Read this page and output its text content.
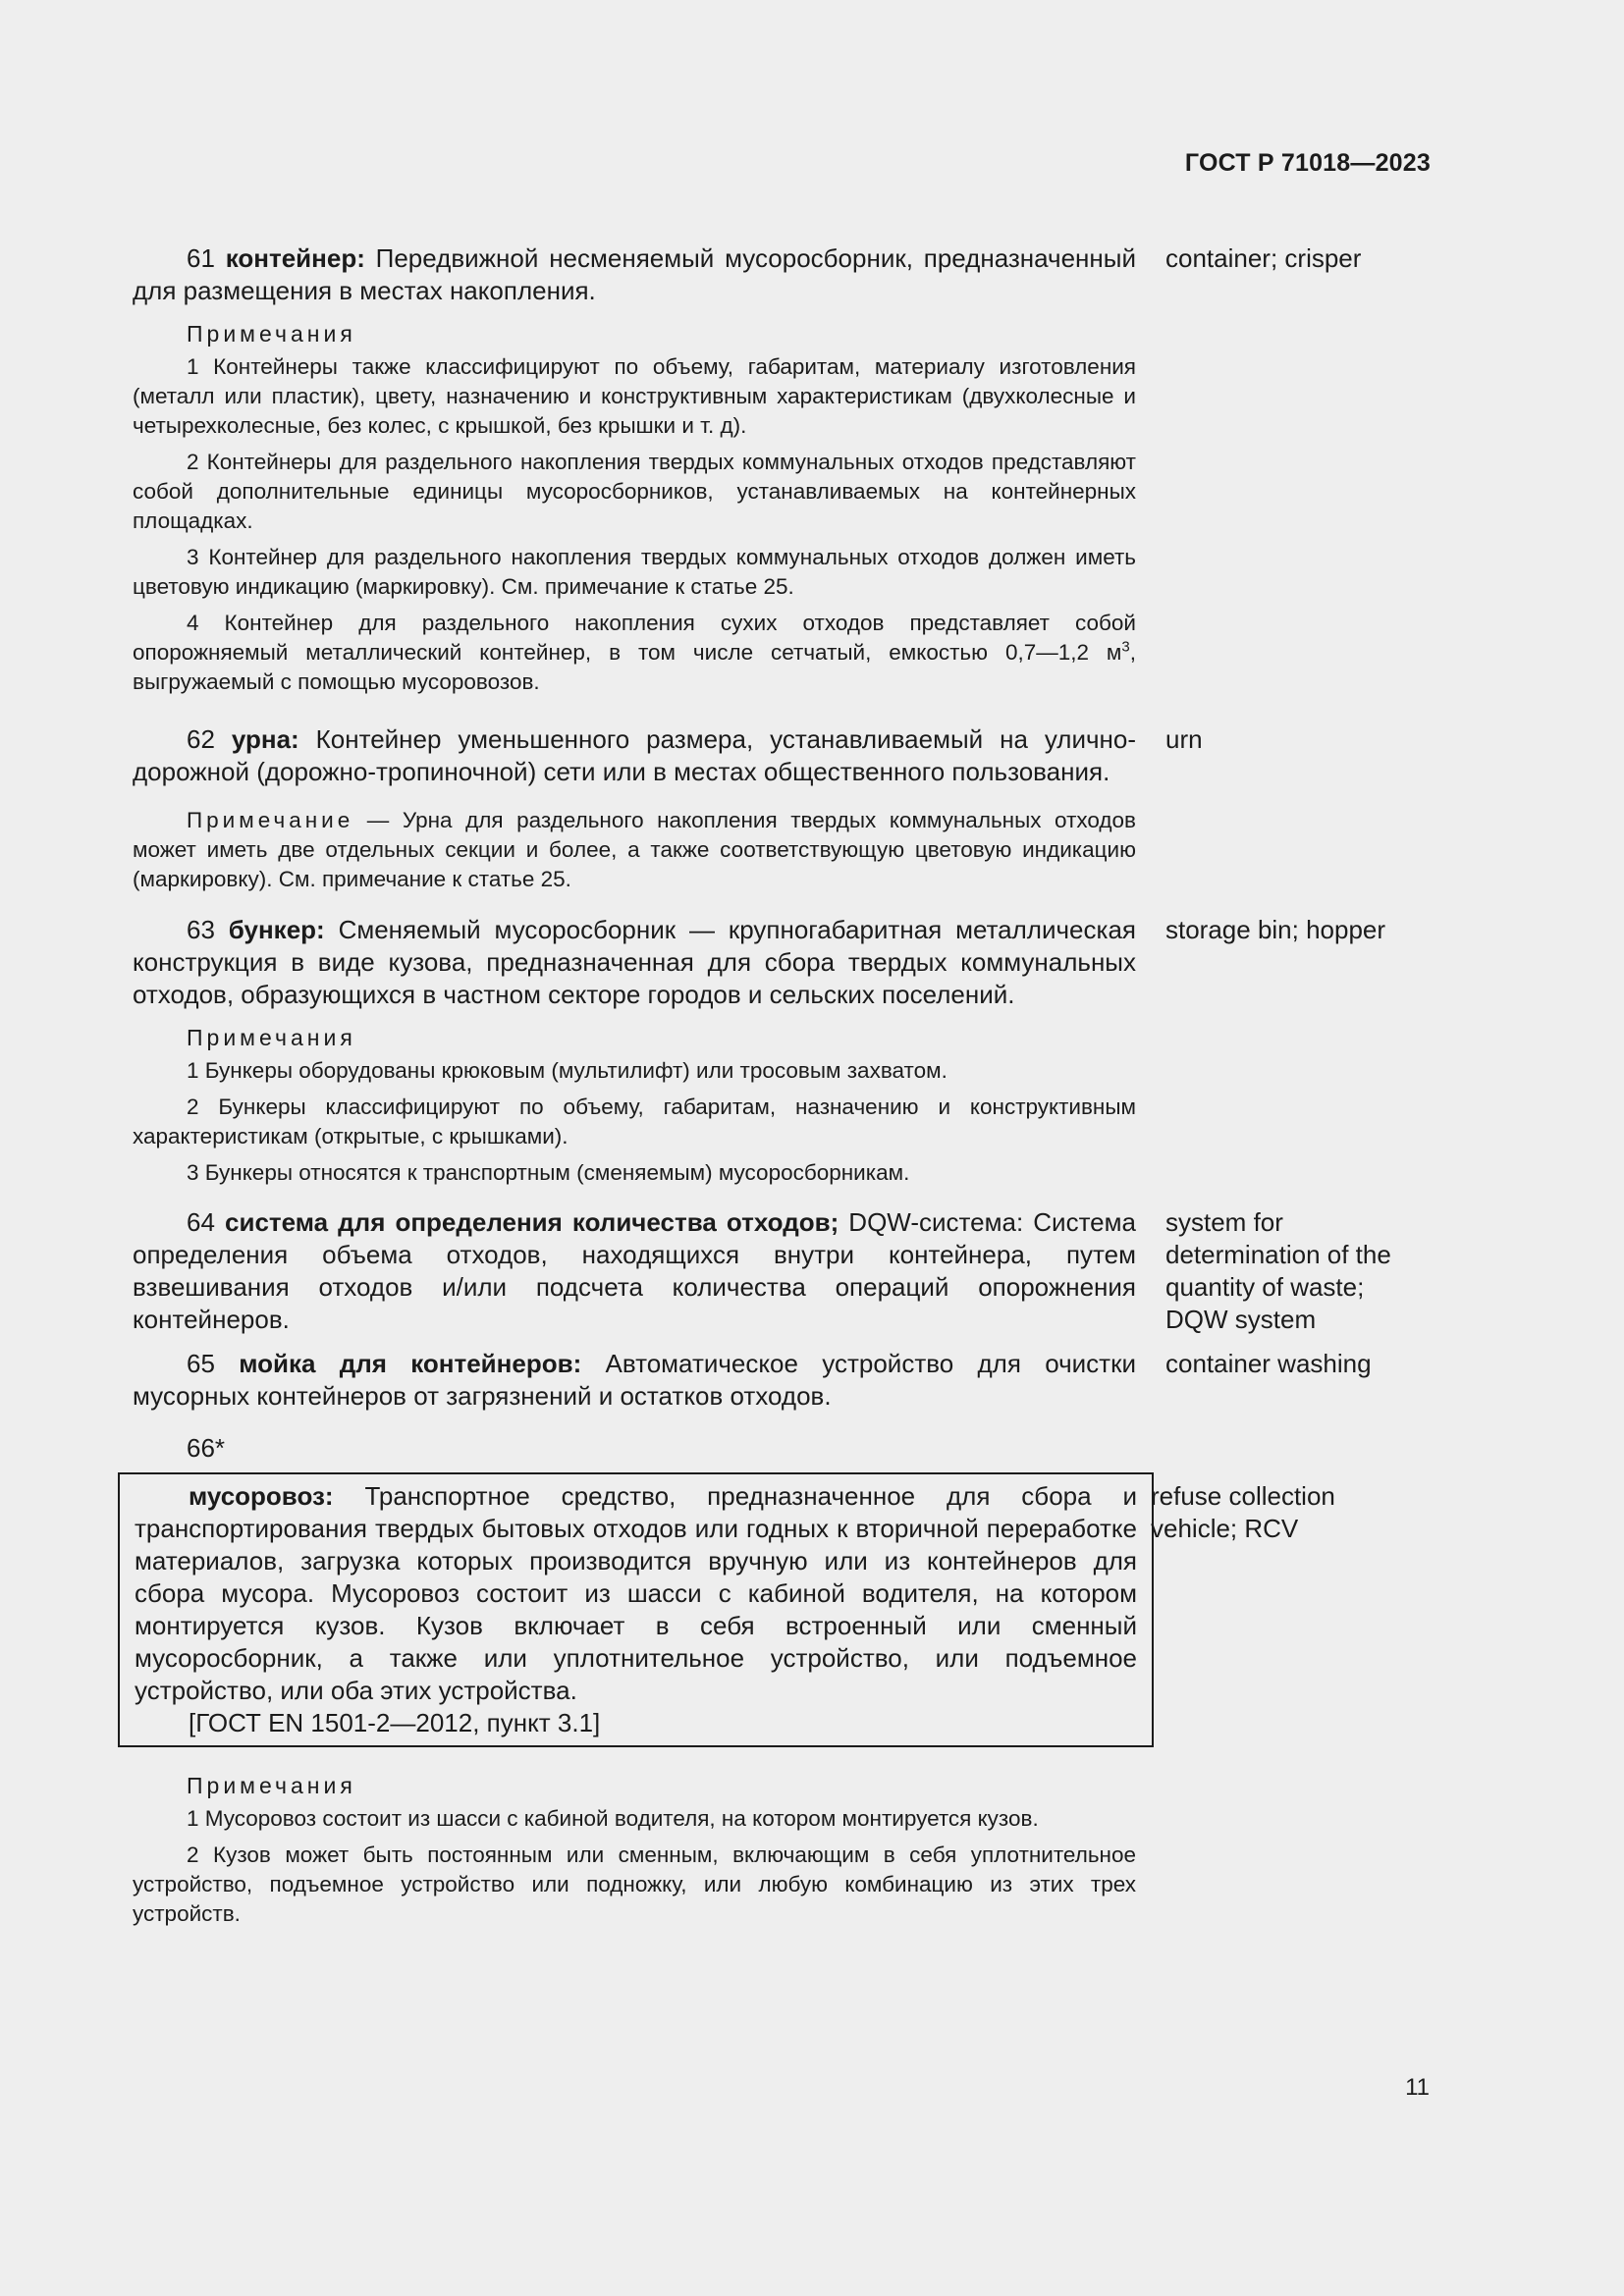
ГОСТ Р 71018—2023

61 контейнер: Передвижной несменяемый мусоросборник, предназначенный для размещения в местах накопления.

Примечания

1 Контейнеры также классифицируют по объему, габаритам, материалу изготовления (металл или пластик), цвету, назначению и конструктивным характеристикам (двухколесные и четырехколесные, без колес, с крышкой, без крышки и т. д).

2 Контейнеры для раздельного накопления твердых коммунальных отходов представляют собой дополнительные единицы мусоросборников, устанавливаемых на контейнерных площадках.

3 Контейнер для раздельного накопления твердых коммунальных отходов должен иметь цветовую индикацию (маркировку). См. примечание к статье 25.

4 Контейнер для раздельного накопления сухих отходов представляет собой опорожняемый металлический контейнер, в том числе сетчатый, емкостью 0,7—1,2 $м^3$, выгружаемый с помощью мусоровозов.

container; crisper

62 урна: Контейнер уменьшенного размера, устанавливаемый на улично-дорожной (дорожно-тропиночной) сети или в местах общественного пользования.

Примечание — Урна для раздельного накопления твердых коммунальных отходов может иметь две отдельных секции и более, а также соответствующую цветовую индикацию (маркировку). См. примечание к статье 25.

urn

63 бункер: Сменяемый мусоросборник — крупногабаритная металлическая конструкция в виде кузова, предназначенная для сбора твердых коммунальных отходов, образующихся в частном секторе городов и сельских поселений.

Примечания

1 Бункеры оборудованы крюковым (мультилифт) или тросовым захватом.

2 Бункеры классифицируют по объему, габаритам, назначению и конструктивным характеристикам (открытые, с крышками).

3 Бункеры относятся к транспортным (сменяемым) мусоросборникам.

storage bin; hopper

64 система для определения количества отходов; DQW-система: Система определения объема отходов, находящихся внутри контейнера, путем взвешивания отходов и/или подсчета количества операций опорожнения контейнеров.

system for determination of the quantity of waste; DQW system

65 мойка для контейнеров: Автоматическое устройство для очистки мусорных контейнеров от загрязнений и остатков отходов.

container washing
66*

мусоровоз: Транспортное средство, предназначенное для сбора и транспортирования твердых бытовых отходов или годных к вторичной переработке материалов, загрузка которых производится вручную или из контейнеров для сбора мусора. Мусоровоз состоит из шасси с кабиной водителя, на котором монтируется кузов. Кузов включает в себя встроенный или сменный мусоросборник, а также или уплотнительное устройство, или подъемное устройство, или оба этих устройства.

[ГОСТ EN 1501-2—2012, пункт 3.1]
refuse collection vehicle; RCV
Примечания

1 Мусоровоз состоит из шасси с кабиной водителя, на котором монтируется кузов.

2 Кузов может быть постоянным или сменным, включающим в себя уплотнительное устройство, подъемное устройство или подножку, или любую комбинацию из этих трех устройств.

11
